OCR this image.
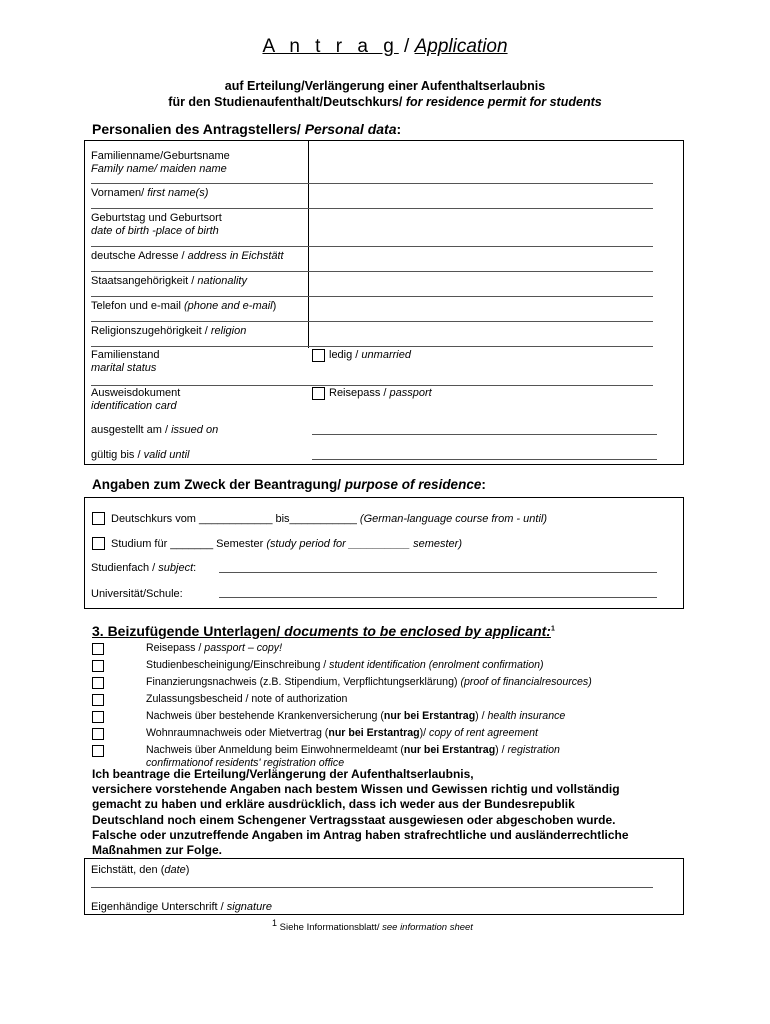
A n t r a g / Application
auf Erteilung/Verlängerung einer Aufenthaltserlaubnis
für den Studienaufenthalt/Deutschkurs/ for residence permit for students
Personalien des Antragstellers/ Personal data:
Familienname/Geburtsname
Family name/ maiden name
Vornamen/ first name(s)
Geburtstag und Geburtsort
date of birth -place of birth
deutsche Adresse / address in Eichstätt
Staatsangehörigkeit / nationality
Telefon und e-mail (phone and e-mail)
Religionszugehörigkeit / religion
Familienstand
marital status
ledig / unmarried
Ausweisdokument
identification card
Reisepass / passport
ausgestellt am / issued on
gültig bis / valid until
Angaben zum Zweck der Beantragung/ purpose of residence:
Deutschkurs vom ____________ bis___________ (German-language course from - until)
Studium für _______ Semester (study period for __________ semester)
Studienfach / subject:
Universität/Schule:
3. Beizufügende Unterlagen/ documents to be enclosed by applicant:$^1$
Reisepass / passport – copy!
Studienbescheinigung/Einschreibung / student identification (enrolment confirmation)
Finanzierungsnachweis (z.B. Stipendium, Verpflichtungserklärung) (proof of financialresources)
Zulassungsbescheid / note of authorization
Nachweis über bestehende Krankenversicherung (nur bei Erstantrag) / health insurance
Wohnraumnachweis oder Mietvertrag (nur bei Erstantrag)/ copy of rent agreement
Nachweis über Anmeldung beim Einwohnermeldeamt (nur bei Erstantrag) / registration confirmationof residents' registration office
Ich beantrage die Erteilung/Verlängerung der Aufenthaltserlaubnis,
versichere vorstehende Angaben nach bestem Wissen und Gewissen richtig und vollständig
gemacht zu haben und erkläre ausdrücklich, dass ich weder aus der Bundesrepublik
Deutschland noch einem Schengener Vertragsstaat ausgewiesen oder abgeschoben wurde.
Falsche oder unzutreffende Angaben im Antrag haben strafrechtliche und ausländerrechtliche
Maßnahmen zur Folge.
Eichstätt, den (date)
Eigenhändige Unterschrift / signature
$^1$ Siehe Informationsblatt/ see information sheet
